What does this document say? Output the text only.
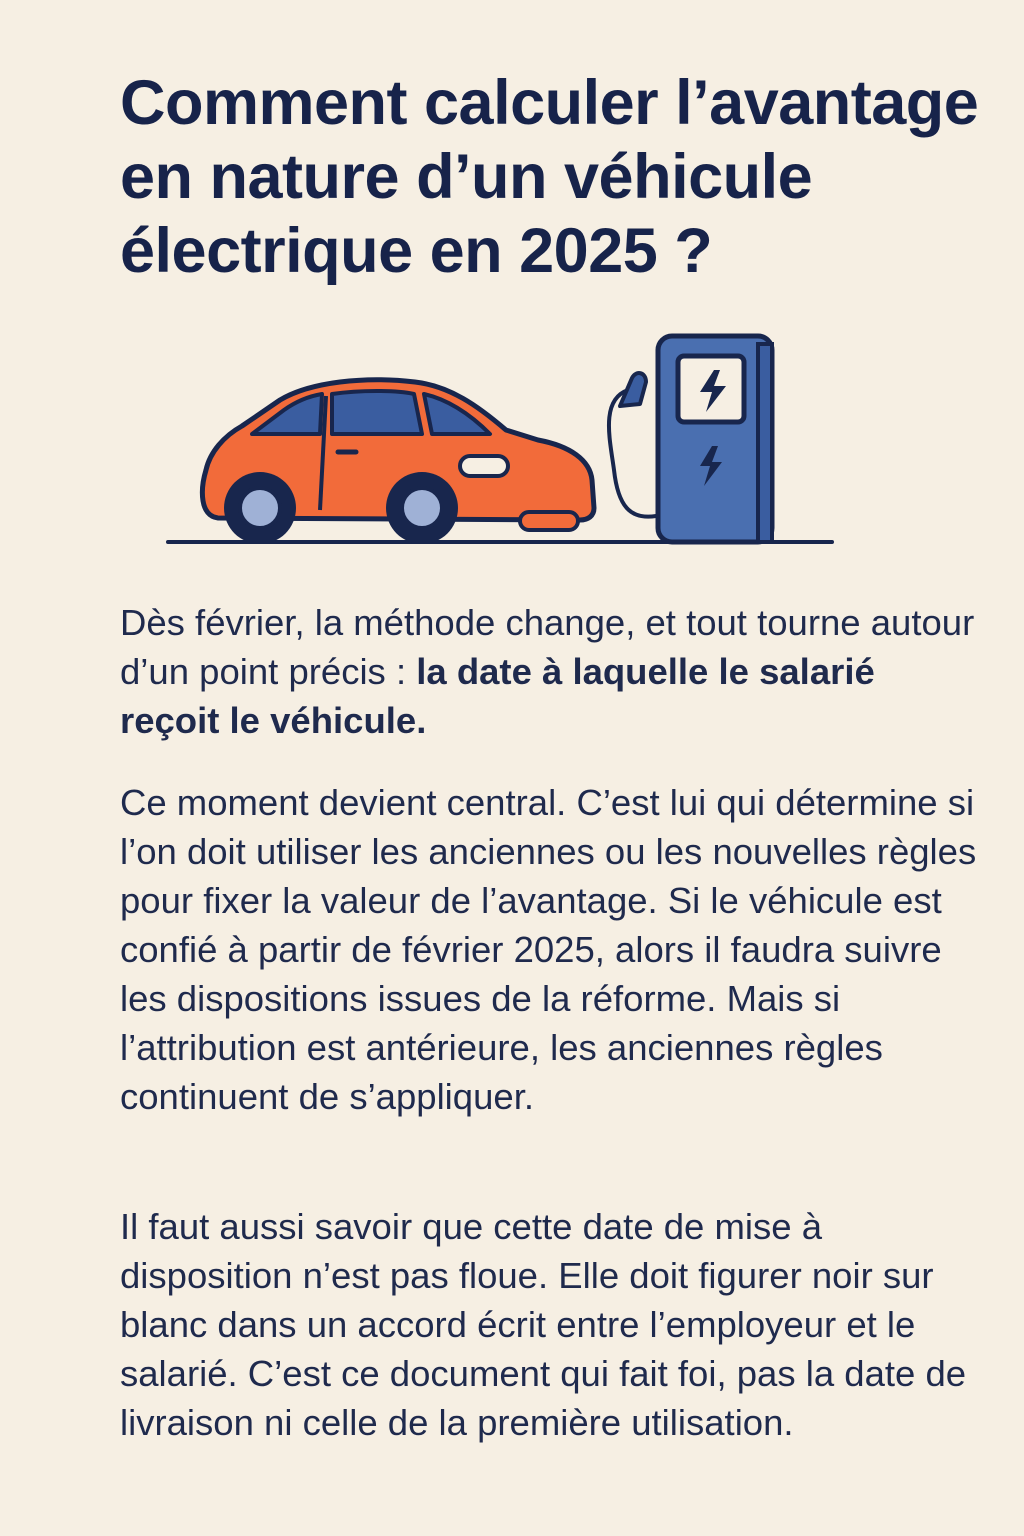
Comment calculer l’avantage en nature d’un véhicule électrique en 2025 ?

Dès février, la méthode change, et tout tourne autour d’un point précis : la date à laquelle le salarié reçoit le véhicule.

Ce moment devient central. C’est lui qui détermine si l’on doit utiliser les anciennes ou les nouvelles règles pour fixer la valeur de l’avantage. Si le véhicule est confié à partir de février 2025, alors il faudra suivre les dispositions issues de la réforme. Mais si l’attribution est antérieure, les anciennes règles continuent de s’appliquer.

Il faut aussi savoir que cette date de mise à disposition n’est pas floue. Elle doit figurer noir sur blanc dans un accord écrit entre l’employeur et le salarié. C’est ce document qui fait foi, pas la date de livraison ni celle de la première utilisation.
